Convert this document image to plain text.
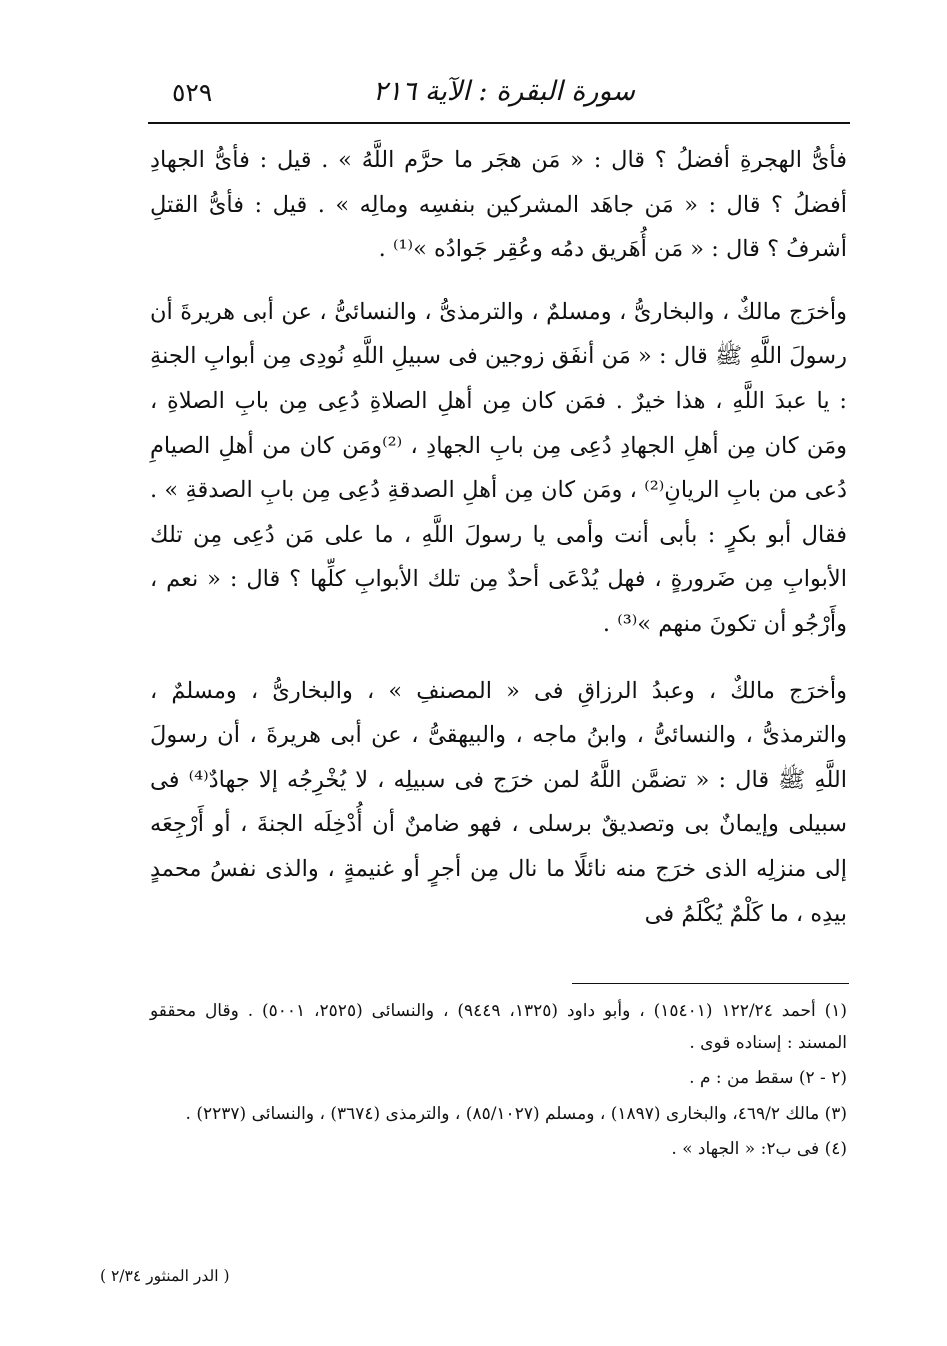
سورة البقرة : الآية ٢١٦
٥٢٩

فأىُّ الهجرةِ أفضلُ ؟ قال : « مَن هجَر ما حرَّم اللَّهُ » . قيل : فأىُّ الجهادِ أفضلُ ؟ قال : « مَن جاهَد المشركين بنفسِه ومالِه » . قيل : فأىُّ القتلِ أشرفُ ؟ قال : « مَن أُهَريق دمُه وعُقِر جَوادُه »⁽¹⁾ .

وأخرَج مالكٌ ، والبخارىُّ ، ومسلمٌ ، والترمذىُّ ، والنسائىُّ ، عن أبى هريرةَ أن رسولَ اللَّهِ ﷺ قال : « مَن أنفَق زوجين فى سبيلِ اللَّهِ نُودِى مِن أبوابِ الجنةِ : يا عبدَ اللَّهِ ، هذا خيرٌ . فمَن كان مِن أهلِ الصلاةِ دُعِى مِن بابِ الصلاةِ ، ومَن كان مِن أهلِ الجهادِ دُعِى مِن بابِ الجهادِ ، ⁽²⁾ومَن كان من أهلِ الصيامِ دُعى من بابِ الريانِ⁽²⁾ ، ومَن كان مِن أهلِ الصدقةِ دُعِى مِن بابِ الصدقةِ » . فقال أبو بكرٍ : بأبى أنت وأمى يا رسولَ اللَّهِ ، ما على مَن دُعِى مِن تلك الأبوابِ مِن ضَرورةٍ ، فهل يُدْعَى أحدٌ مِن تلك الأبوابِ كلِّها ؟ قال : « نعم ، وأَرْجُو أن تكونَ منهم »⁽³⁾ .

وأخرَج مالكٌ ، وعبدُ الرزاقِ فى « المصنفِ » ، والبخارىُّ ، ومسلمٌ ، والترمذىُّ ، والنسائىُّ ، وابنُ ماجه ، والبيهقىُّ ، عن أبى هريرةَ ، أن رسولَ اللَّهِ ﷺ قال : « تضمَّن اللَّهُ لمن خرَج فى سبيلِه ، لا يُخْرِجُه إلا جهادٌ⁽⁴⁾ فى سبيلى وإيمانٌ بى وتصديقٌ برسلى ، فهو ضامنٌ أن أُدْخِلَه الجنةَ ، أو أَرْجِعَه إلى منزلِه الذى خرَج منه نائلًا ما نال مِن أجرٍ أو غنيمةٍ ، والذى نفسُ محمدٍ بيدِه ، ما كَلْمٌ يُكْلَمُ فى

(١) أحمد ١٢٢/٢٤ (١٥٤٠١) ، وأبو داود (١٣٢٥، ٩٤٤٩) ، والنسائى (٢٥٢٥، ٥٠٠١) . وقال محققو المسند : إسناده قوى .

(٢ - ٢) سقط من : م .

(٣) مالك ٤٦٩/٢، والبخارى (١٨٩٧) ، ومسلم (٨٥/١٠٢٧) ، والترمذى (٣٦٧٤) ، والنسائى (٢٢٣٧) .

(٤) فى ب٢: « الجهاد » .

( الدر المنثور ٢/٣٤ )
